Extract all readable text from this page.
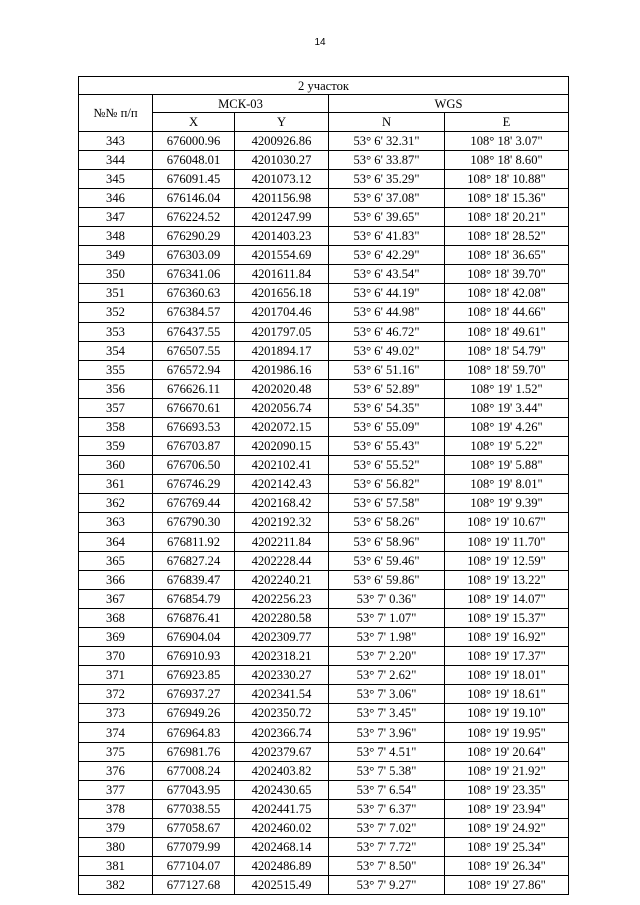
14
2 участок				
№№ п/п	МСК-03		WGS	
	X	Y	N	E
343	676000.96	4200926.86	53° 6' 32.31"	108° 18' 3.07"
344	676048.01	4201030.27	53° 6' 33.87"	108° 18' 8.60"
345	676091.45	4201073.12	53° 6' 35.29"	108° 18' 10.88"
346	676146.04	4201156.98	53° 6' 37.08"	108° 18' 15.36"
347	676224.52	4201247.99	53° 6' 39.65"	108° 18' 20.21"
348	676290.29	4201403.23	53° 6' 41.83"	108° 18' 28.52"
349	676303.09	4201554.69	53° 6' 42.29"	108° 18' 36.65"
350	676341.06	4201611.84	53° 6' 43.54"	108° 18' 39.70"
351	676360.63	4201656.18	53° 6' 44.19"	108° 18' 42.08"
352	676384.57	4201704.46	53° 6' 44.98"	108° 18' 44.66"
353	676437.55	4201797.05	53° 6' 46.72"	108° 18' 49.61"
354	676507.55	4201894.17	53° 6' 49.02"	108° 18' 54.79"
355	676572.94	4201986.16	53° 6' 51.16"	108° 18' 59.70"
356	676626.11	4202020.48	53° 6' 52.89"	108° 19' 1.52"
357	676670.61	4202056.74	53° 6' 54.35"	108° 19' 3.44"
358	676693.53	4202072.15	53° 6' 55.09"	108° 19' 4.26"
359	676703.87	4202090.15	53° 6' 55.43"	108° 19' 5.22"
360	676706.50	4202102.41	53° 6' 55.52"	108° 19' 5.88"
361	676746.29	4202142.43	53° 6' 56.82"	108° 19' 8.01"
362	676769.44	4202168.42	53° 6' 57.58"	108° 19' 9.39"
363	676790.30	4202192.32	53° 6' 58.26"	108° 19' 10.67"
364	676811.92	4202211.84	53° 6' 58.96"	108° 19' 11.70"
365	676827.24	4202228.44	53° 6' 59.46"	108° 19' 12.59"
366	676839.47	4202240.21	53° 6' 59.86"	108° 19' 13.22"
367	676854.79	4202256.23	53° 7' 0.36"	108° 19' 14.07"
368	676876.41	4202280.58	53° 7' 1.07"	108° 19' 15.37"
369	676904.04	4202309.77	53° 7' 1.98"	108° 19' 16.92"
370	676910.93	4202318.21	53° 7' 2.20"	108° 19' 17.37"
371	676923.85	4202330.27	53° 7' 2.62"	108° 19' 18.01"
372	676937.27	4202341.54	53° 7' 3.06"	108° 19' 18.61"
373	676949.26	4202350.72	53° 7' 3.45"	108° 19' 19.10"
374	676964.83	4202366.74	53° 7' 3.96"	108° 19' 19.95"
375	676981.76	4202379.67	53° 7' 4.51"	108° 19' 20.64"
376	677008.24	4202403.82	53° 7' 5.38"	108° 19' 21.92"
377	677043.95	4202430.65	53° 7' 6.54"	108° 19' 23.35"
378	677038.55	4202441.75	53° 7' 6.37"	108° 19' 23.94"
379	677058.67	4202460.02	53° 7' 7.02"	108° 19' 24.92"
380	677079.99	4202468.14	53° 7' 7.72"	108° 19' 25.34"
381	677104.07	4202486.89	53° 7' 8.50"	108° 19' 26.34"
382	677127.68	4202515.49	53° 7' 9.27"	108° 19' 27.86"
